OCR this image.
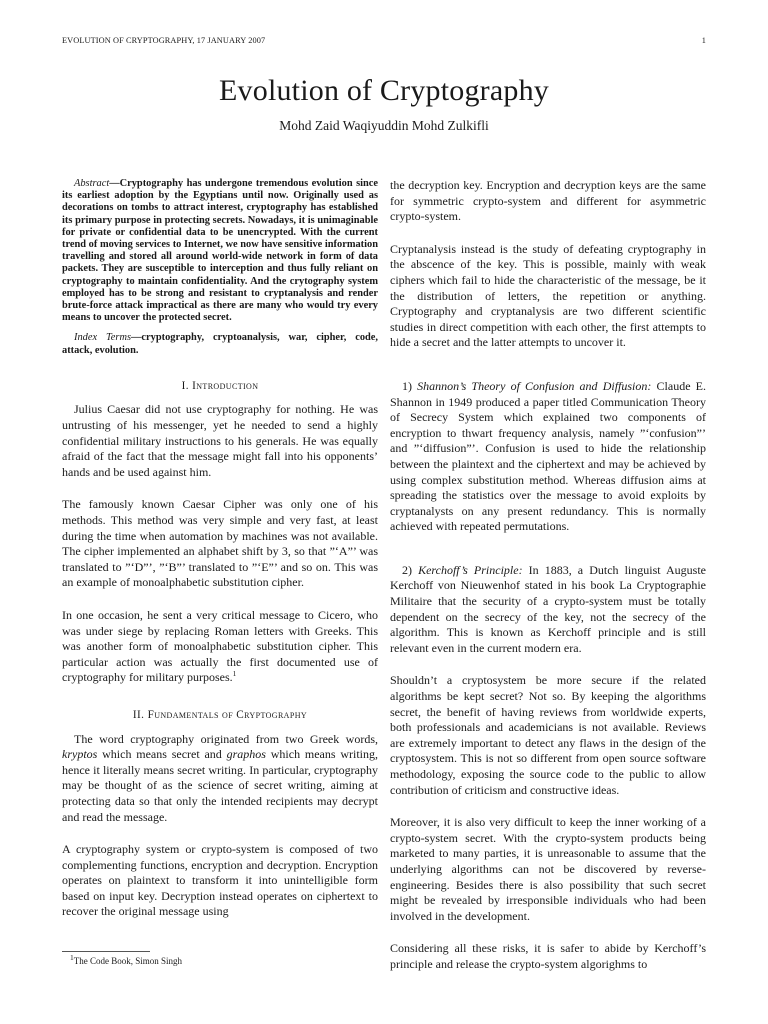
EVOLUTION OF CRYPTOGRAPHY, 17 JANUARY 2007	1
Evolution of Cryptography
Mohd Zaid Waqiyuddin Mohd Zulkifli

Abstract—Cryptography has undergone tremendous evolution since its earliest adoption by the Egyptians until now. Originally used as decorations on tombs to attract interest, cryptography has established its primary purpose in protecting secrets. Nowadays, it is unimaginable for private or confidential data to be unencrypted. With the current trend of moving services to Internet, we now have sensitive information travelling and stored all around world-wide network in form of data packets. They are susceptible to interception and thus fully reliant on cryptography to maintain confidentiality. And the crytography system employed has to be strong and resistant to cryptanalysis and render brute-force attack impractical as there are many who would try every means to uncover the protected secret.

Index Terms—cryptography, cryptoanalysis, war, cipher, code, attack, evolution.

I. Introduction

Julius Caesar did not use cryptography for nothing. He was untrusting of his messenger, yet he needed to send a highly confidential military instructions to his generals. He was equally afraid of the fact that the message might fall into his opponents’ hands and be used against him.

The famously known Caesar Cipher was only one of his methods. This method was very simple and very fast, at least during the time when automation by machines was not available. The cipher implemented an alphabet shift by 3, so that ”‘A”’ was translated to ”‘D”’, ”‘B”’ translated to ”‘E”’ and so on. This was an example of monoalphabetic substitution cipher.

In one occasion, he sent a very critical message to Cicero, who was under siege by replacing Roman letters with Greeks. This was another form of monoalphabetic substitution cipher. This particular action was actually the first documented use of cryptography for military purposes.$^1$

II. Fundamentals of Cryptography

The word cryptography originated from two Greek words, kryptos which means secret and graphos which means writing, hence it literally means secret writing. In particular, cryptography may be thought of as the science of secret writing, aiming at protecting data so that only the intended recipients may decrypt and read the message.

A cryptography system or crypto-system is composed of two complementing functions, encryption and decryption. Encryption operates on plaintext to transform it into unintelligible form based on input key. Decryption instead operates on ciphertext to recover the original message using

the decryption key. Encryption and decryption keys are the same for symmetric crypto-system and different for asymmetric crypto-system.

Cryptanalysis instead is the study of defeating cryptography in the abscence of the key. This is possible, mainly with weak ciphers which fail to hide the characteristic of the message, be it the distribution of letters, the repetition or anything. Cryptography and cryptanalysis are two different scientific studies in direct competition with each other, the first attempts to hide a secret and the latter attempts to uncover it.

1) Shannon’s Theory of Confusion and Diffusion: Claude E. Shannon in 1949 produced a paper titled Communication Theory of Secrecy System which explained two components of encryption to thwart frequency analysis, namely ”‘confusion”’ and ”‘diffusion”’. Confusion is used to hide the relationship between the plaintext and the ciphertext and may be achieved by using complex substitution method. Whereas diffusion aims at spreading the statistics over the message to avoid exploits by cryptanalysts on any present redundancy. This is normally achieved with repeated permutations.

2) Kerchoff’s Principle: In 1883, a Dutch linguist Auguste Kerchoff von Nieuwenhof stated in his book La Cryptographie Militaire that the security of a crypto-system must be totally dependent on the secrecy of the key, not the secrecy of the algorithm. This is known as Kerchoff principle and is still relevant even in the current modern era.

Shouldn’t a cryptosystem be more secure if the related algorithms be kept secret? Not so. By keeping the algorithms secret, the benefit of having reviews from worldwide experts, both professionals and academicians is not available. Reviews are extremely important to detect any flaws in the design of the cryptosystem. This is not so different from open source software methodology, exposing the source code to the public to allow contribution of criticism and constructive ideas.

Moreover, it is also very difficult to keep the inner working of a crypto-system secret. With the crypto-system products being marketed to many parties, it is unreasonable to assume that the underlying algorithms can not be discovered by reverse-engineering. Besides there is also possibility that such secret might be revealed by irresponsible individuals who had been involved in the development.

Considering all these risks, it is safer to abide by Kerchoff’s principle and release the crypto-system algorighms to

$^1$The Code Book, Simon Singh
